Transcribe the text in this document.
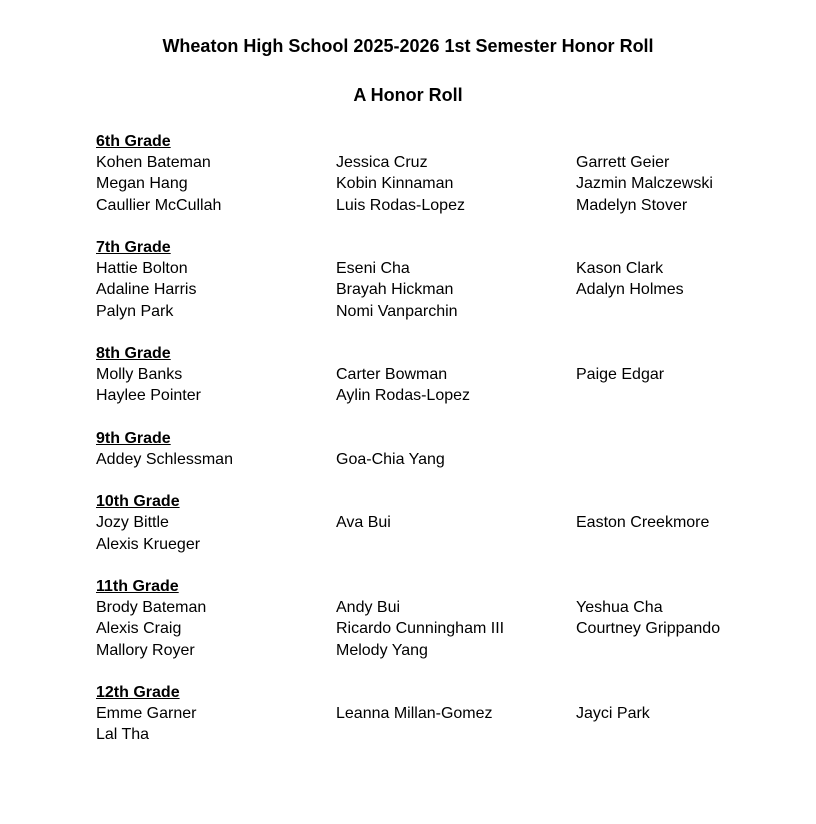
Wheaton High School 2025-2026 1st Semester Honor Roll
A Honor Roll
6th Grade
Kohen Bateman	Jessica Cruz	Garrett Geier
Megan Hang	Kobin Kinnaman	Jazmin Malczewski
Caullier McCullah	Luis Rodas-Lopez	Madelyn Stover
7th Grade
Hattie Bolton	Eseni Cha	Kason Clark
Adaline Harris	Brayah Hickman	Adalyn Holmes
Palyn Park	Nomi Vanparchin
8th Grade
Molly Banks	Carter Bowman	Paige Edgar
Haylee Pointer	Aylin Rodas-Lopez
9th Grade
Addey Schlessman	Goa-Chia Yang
10th Grade
Jozy Bittle	Ava Bui	Easton Creekmore
Alexis Krueger
11th Grade
Brody Bateman	Andy Bui	Yeshua Cha
Alexis Craig	Ricardo Cunningham III	Courtney Grippando
Mallory Royer	Melody Yang
12th Grade
Emme Garner	Leanna Millan-Gomez	Jayci Park
Lal Tha
